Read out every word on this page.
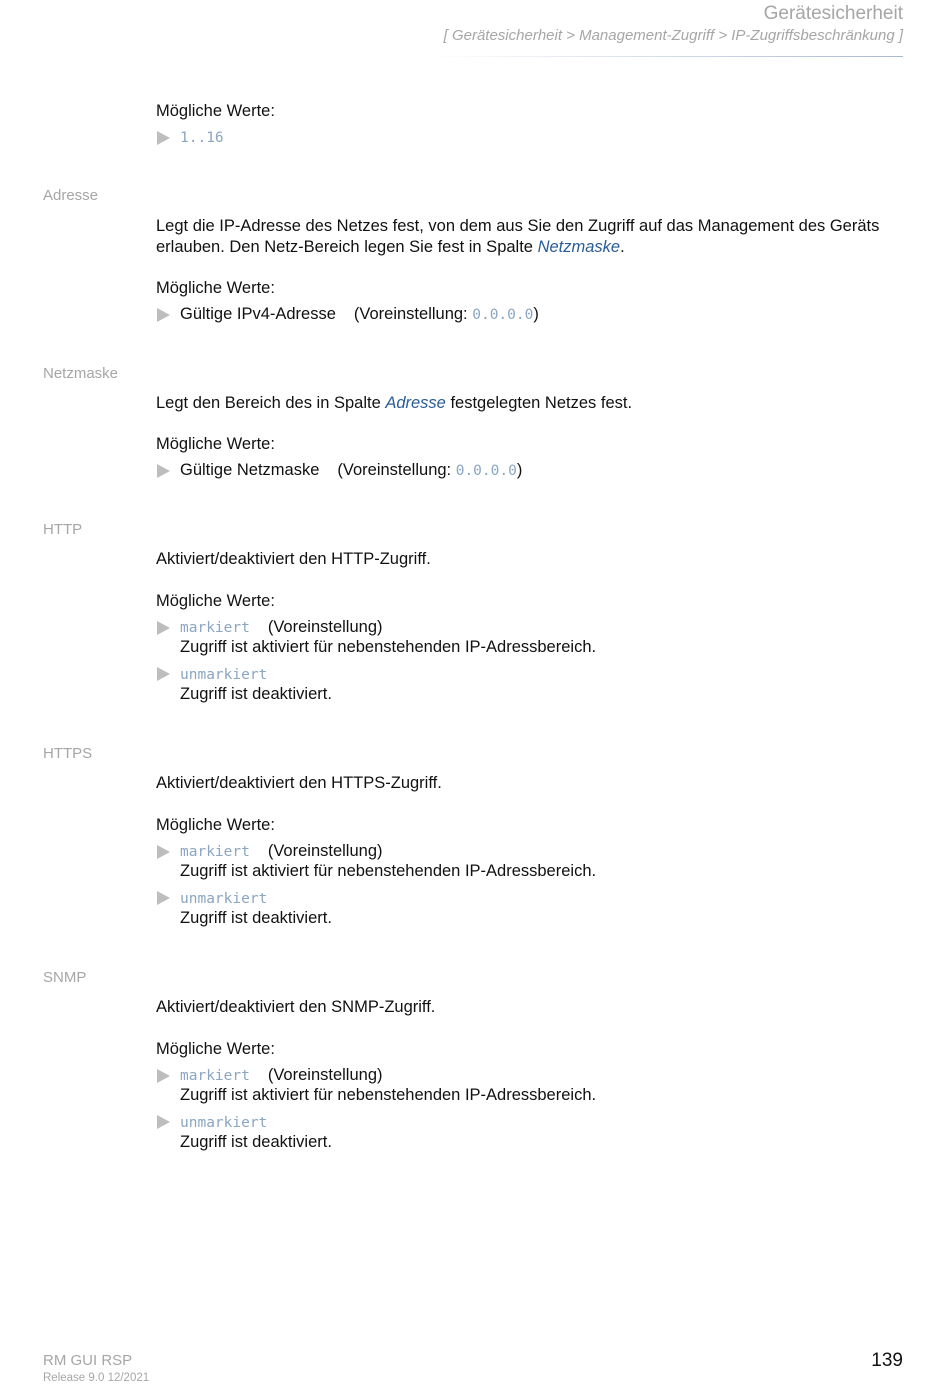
Gerätesicherheit
[ Gerätesicherheit > Management-Zugriff > IP-Zugriffsbeschränkung ]
Mögliche Werte:
1..16
Adresse
Legt die IP-Adresse des Netzes fest, von dem aus Sie den Zugriff auf das Management des Geräts
erlauben. Den Netz-Bereich legen Sie fest in Spalte Netzmaske.
Mögliche Werte:
Gültige IPv4-Adresse (Voreinstellung: 0.0.0.0)
Netzmaske
Legt den Bereich des in Spalte Adresse festgelegten Netzes fest.
Mögliche Werte:
Gültige Netzmaske (Voreinstellung: 0.0.0.0)
HTTP
Aktiviert/deaktiviert den HTTP-Zugriff.
Mögliche Werte:
markiert (Voreinstellung)
Zugriff ist aktiviert für nebenstehenden IP-Adressbereich.
unmarkiert
Zugriff ist deaktiviert.
HTTPS
Aktiviert/deaktiviert den HTTPS-Zugriff.
Mögliche Werte:
markiert (Voreinstellung)
Zugriff ist aktiviert für nebenstehenden IP-Adressbereich.
unmarkiert
Zugriff ist deaktiviert.
SNMP
Aktiviert/deaktiviert den SNMP-Zugriff.
Mögliche Werte:
markiert (Voreinstellung)
Zugriff ist aktiviert für nebenstehenden IP-Adressbereich.
unmarkiert
Zugriff ist deaktiviert.
RM GUI RSP
Release 9.0 12/2021
139
